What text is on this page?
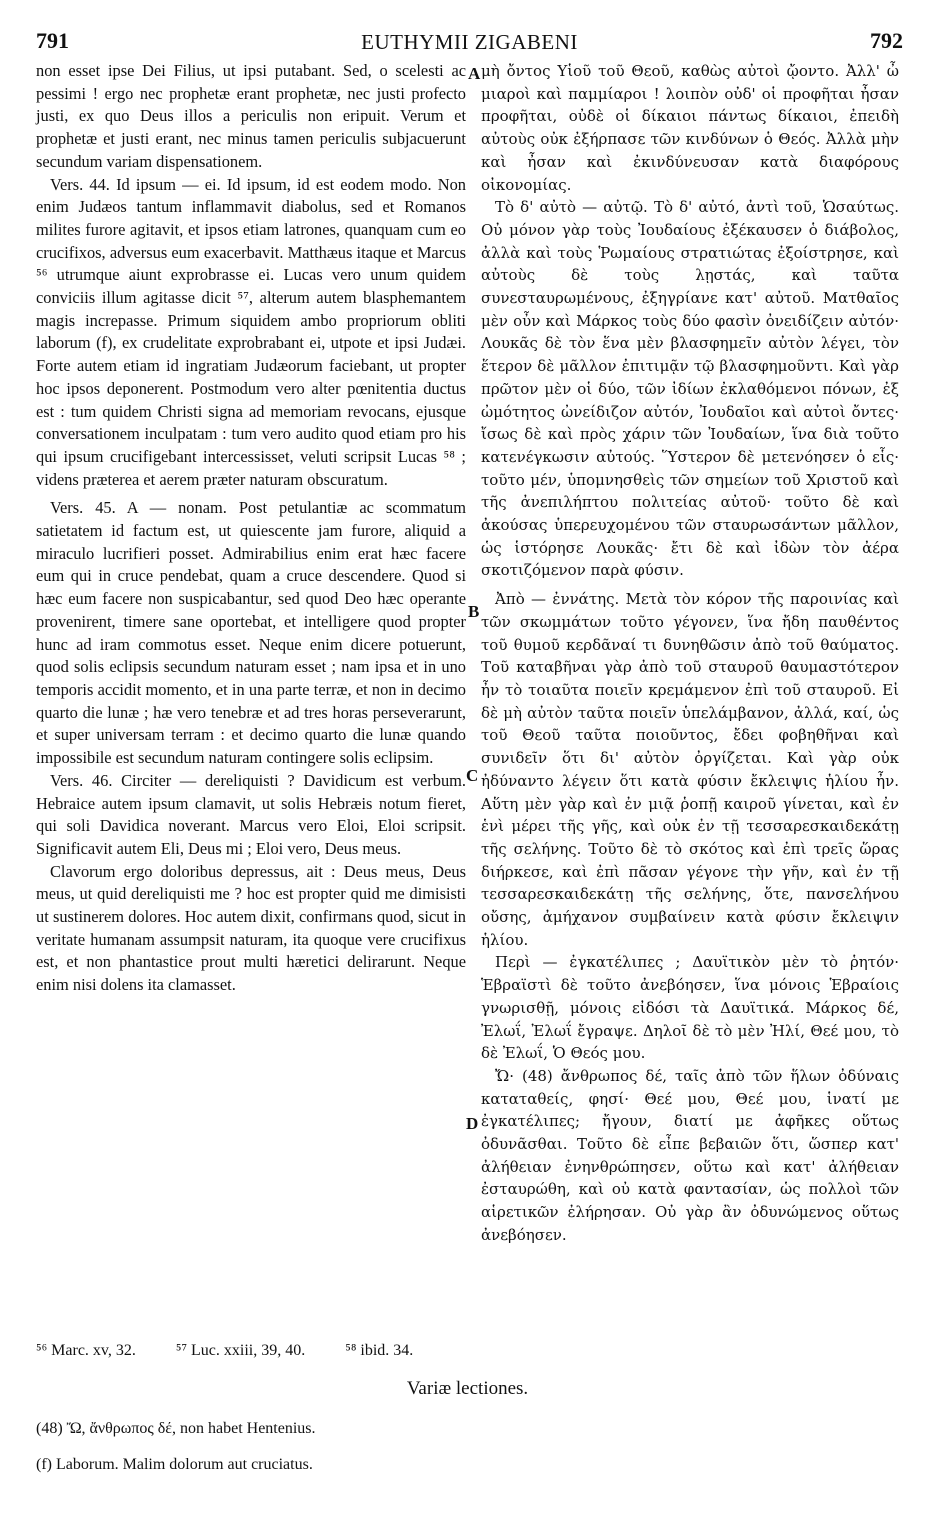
791	EUTHYMII ZIGABENI	792

non esset ipse Dei Filius, ut ipsi putabant. Sed, o scelesti ac pessimi ! ergo nec prophetæ erant prophetæ, nec justi profecto justi, ex quo Deus illos a periculis non eripuit. Verum et prophetæ et justi erant, nec minus tamen periculis subjacuerunt secundum variam dispensationem.

Vers. 44. Id ipsum — ei. Id ipsum, id est eodem modo. Non enim Judæos tantum inflammavit diabolus, sed et Romanos milites furore agitavit, et ipsos etiam latrones, quanquam cum eo crucifixos, adversus eum exacerbavit. Matthæus itaque et Marcus ⁵⁶ utrumque aiunt exprobrasse ei. Lucas vero unum quidem conviciis illum agitasse dicit ⁵⁷, alterum autem blasphemantem magis increpasse. Primum siquidem ambo propriorum obliti laborum (f), ex crudelitate exprobrabant ei, utpote et ipsi Judæi. Forte autem etiam id ingratiam Judæorum faciebant, ut propter hoc ipsos deponerent. Postmodum vero alter pœnitentia ductus est : tum quidem Christi signa ad memoriam revocans, ejusque conversationem inculpatam : tum vero audito quod etiam pro his qui ipsum crucifigebant intercessisset, veluti scripsit Lucas ⁵⁸ ; videns præterea et aerem præter naturam obscuratum.

Vers. 45. A — nonam. Post petulantiæ ac scommatum satietatem id factum est, ut quiescente jam furore, aliquid a miraculo lucrifieri posset. Admirabilius enim erat hæc facere eum qui in cruce pendebat, quam a cruce descendere. Quod si hæc eum facere non suspicabantur, sed quod Deo hæc operante provenirent, timere sane oportebat, et intelligere quod propter hunc ad iram commotus esset. Neque enim dicere potuerunt, quod solis eclipsis secundum naturam esset ; nam ipsa et in uno temporis accidit momento, et in una parte terræ, et non in decimo quarto die lunæ ; hæ vero tenebræ et ad tres horas perseverarunt, et super universam terram : et decimo quarto die lunæ quando impossibile est secundum naturam contingere solis eclipsim.

Vers. 46. Circiter — dereliquisti ? Davidicum est verbum. Hebraice autem ipsum clamavit, ut solis Hebræis notum fieret, qui soli Davidica noverant. Marcus vero Eloi, Eloi scripsit. Significavit autem Eli, Deus mi ; Eloi vero, Deus meus.

Clavorum ergo doloribus depressus, ait : Deus meus, Deus meus, ut quid dereliquisti me ? hoc est propter quid me dimisisti ut sustinerem dolores. Hoc autem dixit, confirmans quod, sicut in veritate humanam assumpsit naturam, ita quoque vere crucifixus est, et non phantastice prout multi hæretici delirarunt. Neque enim nisi dolens ita clamasset.

A
B
C
D

μὴ ὄντος Υἱοῦ τοῦ Θεοῦ, καθὼς αὐτοὶ ᾤοντο. Ἀλλ' ὦ μιαροὶ καὶ παμμίαροι ! λοιπὸν οὐδ' οἱ προφῆται ἦσαν προφῆται, οὐδὲ οἱ δίκαιοι πάντως δίκαιοι, ἐπειδὴ αὐτοὺς οὐκ ἐξήρπασε τῶν κινδύνων ὁ Θεός. Ἀλλὰ μὴν καὶ ἦσαν καὶ ἐκινδύνευσαν κατὰ διαφόρους οἰκονομίας.

Τὸ δ' αὐτὸ — αὐτῷ. Τὸ δ' αὐτό, ἀντὶ τοῦ, Ὡσαύτως. Οὐ μόνον γὰρ τοὺς Ἰουδαίους ἐξέκαυσεν ὁ διάβολος, ἀλλὰ καὶ τοὺς Ῥωμαίους στρατιώτας ἐξοίστρησε, καὶ αὐτοὺς δὲ τοὺς λῃστάς, καὶ ταῦτα συνεσταυρωμένους, ἐξηγρίανε κατ' αὐτοῦ. Ματθαῖος μὲν οὖν καὶ Μάρκος τοὺς δύο φασὶν ὀνειδίζειν αὐτόν· Λουκᾶς δὲ τὸν ἕνα μὲν βλασφημεῖν αὐτὸν λέγει, τὸν ἕτερον δὲ μᾶλλον ἐπιτιμᾷν τῷ βλασφημοῦντι. Καὶ γὰρ πρῶτον μὲν οἱ δύο, τῶν ἰδίων ἐκλαθόμενοι πόνων, ἐξ ὠμότητος ὠνείδιζον αὐτόν, Ἰουδαῖοι καὶ αὐτοὶ ὄντες· ἴσως δὲ καὶ πρὸς χάριν τῶν Ἰουδαίων, ἵνα διὰ τοῦτο κατενέγκωσιν αὐτούς. Ὕστερον δὲ μετενόησεν ὁ εἷς· τοῦτο μέν, ὑπομνησθεὶς τῶν σημείων τοῦ Χριστοῦ καὶ τῆς ἀνεπιλήπτου πολιτείας αὐτοῦ· τοῦτο δὲ καὶ ἀκούσας ὑπερευχομένου τῶν σταυρωσάντων μᾶλλον, ὡς ἱστόρησε Λουκᾶς· ἔτι δὲ καὶ ἰδὼν τὸν ἀέρα σκοτιζόμενον παρὰ φύσιν.

Ἀπὸ — ἐννάτης. Μετὰ τὸν κόρον τῆς παροινίας καὶ τῶν σκωμμάτων τοῦτο γέγονεν, ἵνα ἤδη παυθέντος τοῦ θυμοῦ κερδᾶναί τι δυνηθῶσιν ἀπὸ τοῦ θαύματος. Τοῦ καταβῆναι γὰρ ἀπὸ τοῦ σταυροῦ θαυμαστότερον ἦν τὸ τοιαῦτα ποιεῖν κρεμάμενον ἐπὶ τοῦ σταυροῦ. Εἰ δὲ μὴ αὐτὸν ταῦτα ποιεῖν ὑπελάμβανον, ἀλλά, καί, ὡς τοῦ Θεοῦ ταῦτα ποιοῦντος, ἔδει φοβηθῆναι καὶ συνιδεῖν ὅτι δι' αὐτὸν ὀργίζεται. Καὶ γὰρ οὐκ ἠδύναντο λέγειν ὅτι κατὰ φύσιν ἔκλειψις ἡλίου ἦν. Αὕτη μὲν γὰρ καὶ ἐν μιᾷ ῥοπῇ καιροῦ γίνεται, καὶ ἐν ἑνὶ μέρει τῆς γῆς, καὶ οὐκ ἐν τῇ τεσσαρεσκαιδεκάτῃ τῆς σελήνης. Τοῦτο δὲ τὸ σκότος καὶ ἐπὶ τρεῖς ὥρας διήρκεσε, καὶ ἐπὶ πᾶσαν γέγονε τὴν γῆν, καὶ ἐν τῇ τεσσαρεσκαιδεκάτῃ τῆς σελήνης, ὅτε, πανσελήνου οὔσης, ἀμήχανον συμβαίνειν κατὰ φύσιν ἔκλειψιν ἡλίου.

Περὶ — ἐγκατέλιπες ; Δαυϊτικὸν μὲν τὸ ῥητόν· Ἑβραϊστὶ δὲ τοῦτο ἀνεβόησεν, ἵνα μόνοις Ἑβραίοις γνωρισθῇ, μόνοις εἰδόσι τὰ Δαυϊτικά. Μάρκος δέ, Ἐλωΐ, Ἐλωΐ ἔγραψε. Δηλοῖ δὲ τὸ μὲν Ἠλί, Θεέ μου, τὸ δὲ Ἐλωΐ, Ὁ Θεός μου.

Ὤ· (48) ἄνθρωπος δέ, ταῖς ἀπὸ τῶν ἥλων ὀδύναις καταταθείς, φησί· Θεέ μου, Θεέ μου, ἱνατί με ἐγκατέλιπες; ἤγουν, διατί με ἀφῆκες οὕτως ὀδυνᾶσθαι. Τοῦτο δὲ εἶπε βεβαιῶν ὅτι, ὥσπερ κατ' ἀλήθειαν ἐνηνθρώπησεν, οὕτω καὶ κατ' ἀλήθειαν ἐσταυρώθη, καὶ οὐ κατὰ φαντασίαν, ὡς πολλοὶ τῶν αἱρετικῶν ἐλήρησαν. Οὐ γὰρ ἂν ὀδυνώμενος οὕτως ἀνεβόησεν.

⁵⁶ Marc. xv, 32.	⁵⁷ Luc. xxiii, 39, 40.	⁵⁸ ibid. 34.
Variæ lectiones.
(48) Ὤ, ἄνθρωπος δέ, non habet Hentenius.
(f) Laborum. Malim dolorum aut cruciatus.
